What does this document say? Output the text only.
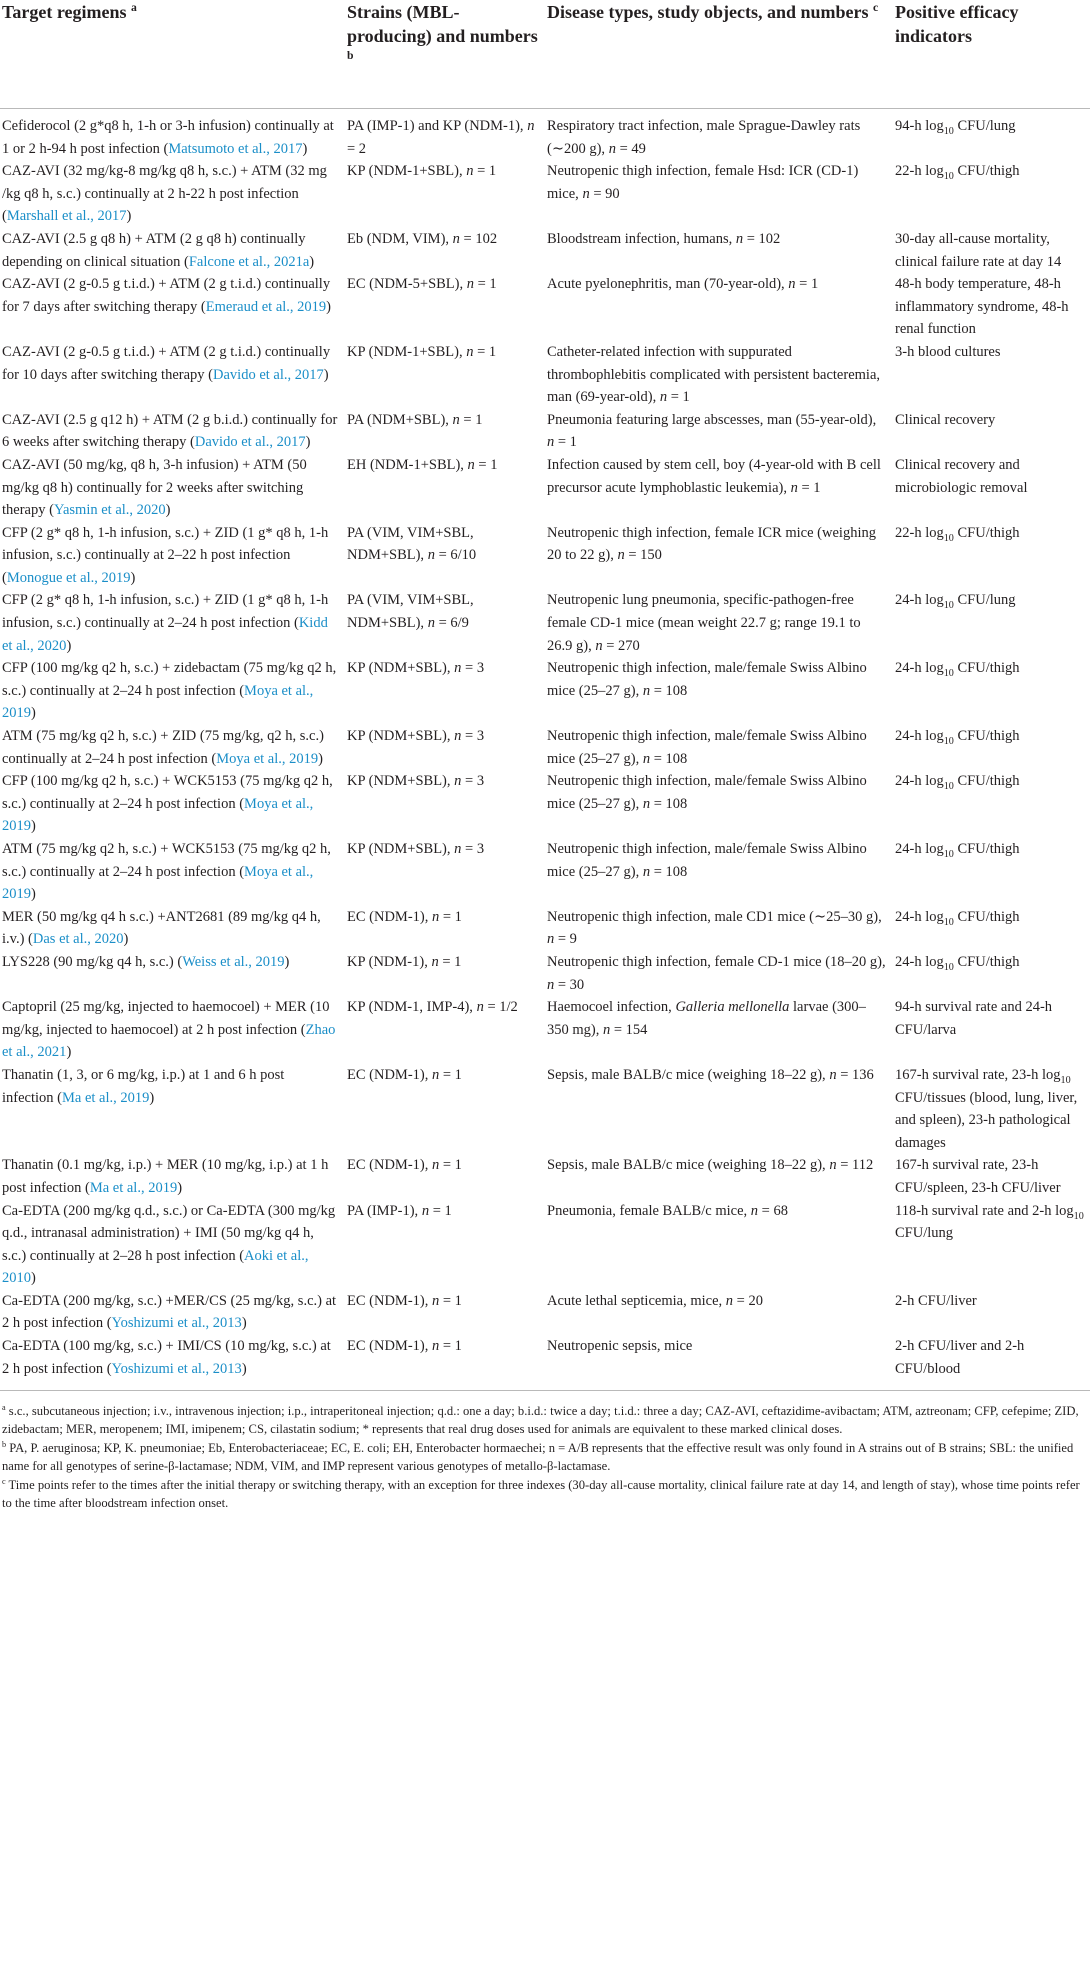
Target regimens $^a$	Strains (MBL-producing) and numbers $^b$	Disease types, study objects, and numbers $^c$	Positive efficacy indicators
Cefiderocol (2 g*q8 h, 1-h or 3-h infusion) continually at 1 or 2 h-94 h post infection (Matsumoto et al., 2017)	PA (IMP-1) and KP (NDM-1), n = 2	Respiratory tract infection, male Sprague-Dawley rats (∼200 g), n = 49	94-h $\log_{10}$ CFU/lung
CAZ-AVI (32 mg/kg-8 mg/kg q8 h, s.c.) + ATM (32 mg /kg q8 h, s.c.) continually at 2 h-22 h post infection (Marshall et al., 2017)	KP (NDM-1+SBL), n = 1	Neutropenic thigh infection, female Hsd: ICR (CD-1) mice, n = 90	22-h $\log_{10}$ CFU/thigh
CAZ-AVI (2.5 g q8 h) + ATM (2 g q8 h) continually depending on clinical situation (Falcone et al., 2021a)	Eb (NDM, VIM), n = 102	Bloodstream infection, humans, n = 102	30-day all-cause mortality, clinical failure rate at day 14
CAZ-AVI (2 g-0.5 g t.i.d.) + ATM (2 g t.i.d.) continually for 7 days after switching therapy (Emeraud et al., 2019)	EC (NDM-5+SBL), n = 1	Acute pyelonephritis, man (70-year-old), n = 1	48-h body temperature, 48-h inflammatory syndrome, 48-h renal function
CAZ-AVI (2 g-0.5 g t.i.d.) + ATM (2 g t.i.d.) continually for 10 days after switching therapy (Davido et al., 2017)	KP (NDM-1+SBL), n = 1	Catheter-related infection with suppurated thrombophlebitis complicated with persistent bacteremia, man (69-year-old), n = 1	3-h blood cultures
CAZ-AVI (2.5 g q12 h) + ATM (2 g b.i.d.) continually for 6 weeks after switching therapy (Davido et al., 2017)	PA (NDM+SBL), n = 1	Pneumonia featuring large abscesses, man (55-year-old), n = 1	Clinical recovery
CAZ-AVI (50 mg/kg, q8 h, 3-h infusion) + ATM (50 mg/kg q8 h) continually for 2 weeks after switching therapy (Yasmin et al., 2020)	EH (NDM-1+SBL), n = 1	Infection caused by stem cell, boy (4-year-old with B cell precursor acute lymphoblastic leukemia), n = 1	Clinical recovery and microbiologic removal
CFP (2 g* q8 h, 1-h infusion, s.c.) + ZID (1 g* q8 h, 1-h infusion, s.c.) continually at 2–22 h post infection (Monogue et al., 2019)	PA (VIM, VIM+SBL, NDM+SBL), n = 6/10	Neutropenic thigh infection, female ICR mice (weighing 20 to 22 g), n = 150	22-h $\log_{10}$ CFU/thigh
CFP (2 g* q8 h, 1-h infusion, s.c.) + ZID (1 g* q8 h, 1-h infusion, s.c.) continually at 2–24 h post infection (Kidd et al., 2020)	PA (VIM, VIM+SBL, NDM+SBL), n = 6/9	Neutropenic lung pneumonia, specific-pathogen-free female CD-1 mice (mean weight 22.7 g; range 19.1 to 26.9 g), n = 270	24-h $\log_{10}$ CFU/lung
CFP (100 mg/kg q2 h, s.c.) + zidebactam (75 mg/kg q2 h, s.c.) continually at 2–24 h post infection (Moya et al., 2019)	KP (NDM+SBL), n = 3	Neutropenic thigh infection, male/female Swiss Albino mice (25–27 g), n = 108	24-h $\log_{10}$ CFU/thigh
ATM (75 mg/kg q2 h, s.c.) + ZID (75 mg/kg, q2 h, s.c.) continually at 2–24 h post infection (Moya et al., 2019)	KP (NDM+SBL), n = 3	Neutropenic thigh infection, male/female Swiss Albino mice (25–27 g), n = 108	24-h $\log_{10}$ CFU/thigh
CFP (100 mg/kg q2 h, s.c.) + WCK5153 (75 mg/kg q2 h, s.c.) continually at 2–24 h post infection (Moya et al., 2019)	KP (NDM+SBL), n = 3	Neutropenic thigh infection, male/female Swiss Albino mice (25–27 g), n = 108	24-h $\log_{10}$ CFU/thigh
ATM (75 mg/kg q2 h, s.c.) + WCK5153 (75 mg/kg q2 h, s.c.) continually at 2–24 h post infection (Moya et al., 2019)	KP (NDM+SBL), n = 3	Neutropenic thigh infection, male/female Swiss Albino mice (25–27 g), n = 108	24-h $\log_{10}$ CFU/thigh
MER (50 mg/kg q4 h s.c.) +ANT2681 (89 mg/kg q4 h, i.v.) (Das et al., 2020)	EC (NDM-1), n = 1	Neutropenic thigh infection, male CD1 mice (∼25–30 g), n = 9	24-h $\log_{10}$ CFU/thigh
LYS228 (90 mg/kg q4 h, s.c.) (Weiss et al., 2019)	KP (NDM-1), n = 1	Neutropenic thigh infection, female CD-1 mice (18–20 g), n = 30	24-h $\log_{10}$ CFU/thigh
Captopril (25 mg/kg, injected to haemocoel) + MER (10 mg/kg, injected to haemocoel) at 2 h post infection (Zhao et al., 2021)	KP (NDM-1, IMP-4), n = 1/2	Haemocoel infection, Galleria mellonella larvae (300–350 mg), n = 154	94-h survival rate and 24-h CFU/larva
Thanatin (1, 3, or 6 mg/kg, i.p.) at 1 and 6 h post infection (Ma et al., 2019)	EC (NDM-1), n = 1	Sepsis, male BALB/c mice (weighing 18–22 g), n = 136	167-h survival rate, 23-h $\log_{10}$ CFU/tissues (blood, lung, liver, and spleen), 23-h pathological damages
Thanatin (0.1 mg/kg, i.p.) + MER (10 mg/kg, i.p.) at 1 h post infection (Ma et al., 2019)	EC (NDM-1), n = 1	Sepsis, male BALB/c mice (weighing 18–22 g), n = 112	167-h survival rate, 23-h CFU/spleen, 23-h CFU/liver
Ca-EDTA (200 mg/kg q.d., s.c.) or Ca-EDTA (300 mg/kg q.d., intranasal administration) + IMI (50 mg/kg q4 h, s.c.) continually at 2–28 h post infection (Aoki et al., 2010)	PA (IMP-1), n = 1	Pneumonia, female BALB/c mice, n = 68	118-h survival rate and 2-h $\log_{10}$ CFU/lung
Ca-EDTA (200 mg/kg, s.c.) +MER/CS (25 mg/kg, s.c.) at 2 h post infection (Yoshizumi et al., 2013)	EC (NDM-1), n = 1	Acute lethal septicemia, mice, n = 20	2-h CFU/liver
Ca-EDTA (100 mg/kg, s.c.) + IMI/CS (10 mg/kg, s.c.) at 2 h post infection (Yoshizumi et al., 2013)	EC (NDM-1), n = 1	Neutropenic sepsis, mice	2-h CFU/liver and 2-h CFU/blood

$^a$ s.c., subcutaneous injection; i.v., intravenous injection; i.p., intraperitoneal injection; q.d.: one a day; b.i.d.: twice a day; t.i.d.: three a day; CAZ-AVI, ceftazidime-avibactam; ATM, aztreonam; CFP, cefepime; ZID, zidebactam; MER, meropenem; IMI, imipenem; CS, cilastatin sodium; * represents that real drug doses used for animals are equivalent to these marked clinical doses.

$^b$ PA, P. aeruginosa; KP, K. pneumoniae; Eb, Enterobacteriaceae; EC, E. coli; EH, Enterobacter hormaechei; n = A/B represents that the effective result was only found in A strains out of B strains; SBL: the unified name for all genotypes of serine-β-lactamase; NDM, VIM, and IMP represent various genotypes of metallo-β-lactamase.

$^c$ Time points refer to the times after the initial therapy or switching therapy, with an exception for three indexes (30-day all-cause mortality, clinical failure rate at day 14, and length of stay), whose time points refer to the time after bloodstream infection onset.
